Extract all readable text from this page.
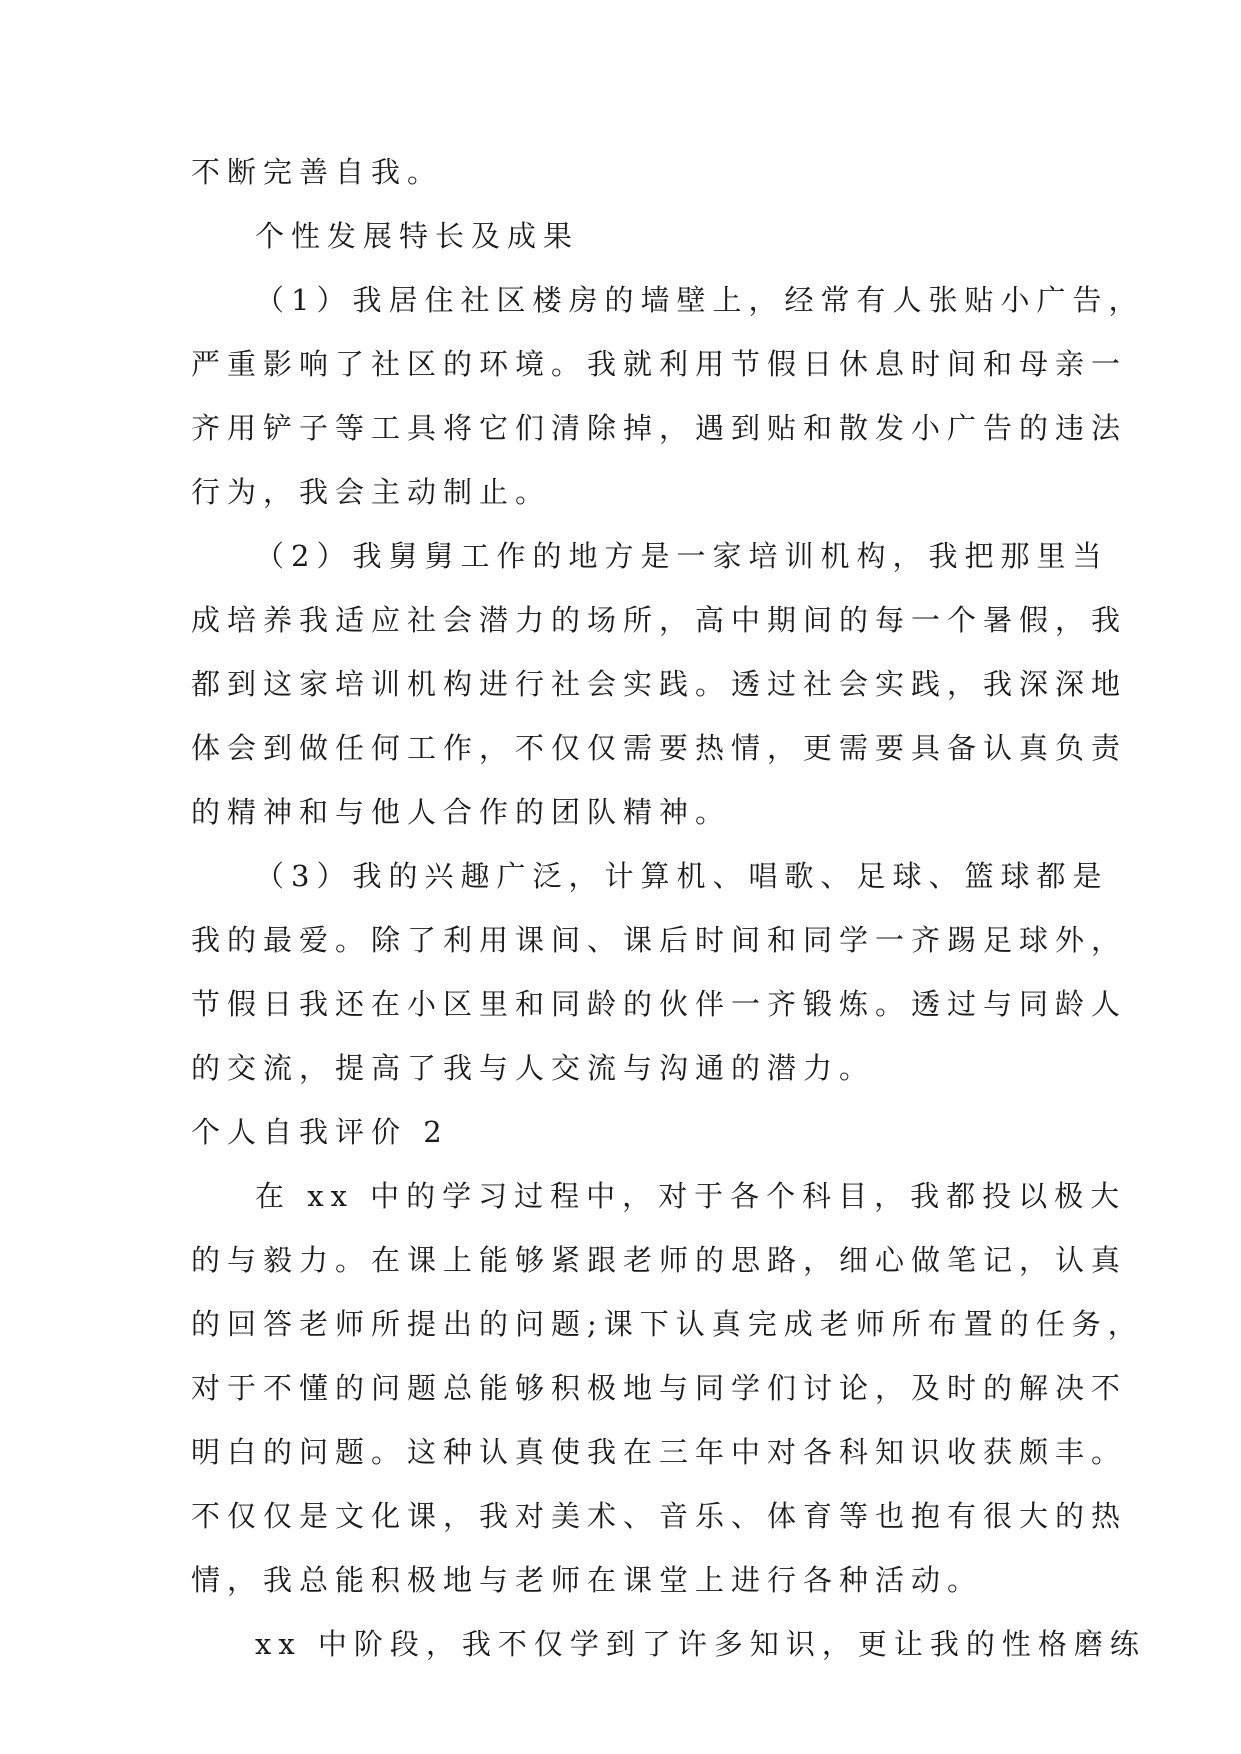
不断完善自我。
个性发展特长及成果
（1）我居住社区楼房的墙壁上，经常有人张贴小广告，
严重影响了社区的环境。我就利用节假日休息时间和母亲一
齐用铲子等工具将它们清除掉，遇到贴和散发小广告的违法
行为，我会主动制止。
（2）我舅舅工作的地方是一家培训机构，我把那里当
成培养我适应社会潜力的场所，高中期间的每一个暑假，我
都到这家培训机构进行社会实践。透过社会实践，我深深地
体会到做任何工作，不仅仅需要热情，更需要具备认真负责
的精神和与他人合作的团队精神。
（3）我的兴趣广泛，计算机、唱歌、足球、篮球都是
我的最爱。除了利用课间、课后时间和同学一齐踢足球外，
节假日我还在小区里和同龄的伙伴一齐锻炼。透过与同龄人
的交流，提高了我与人交流与沟通的潜力。
个人自我评价 2
在 xx 中的学习过程中，对于各个科目，我都投以极大
的与毅力。在课上能够紧跟老师的思路，细心做笔记，认真
的回答老师所提出的问题;课下认真完成老师所布置的任务，
对于不懂的问题总能够积极地与同学们讨论，及时的解决不
明白的问题。这种认真使我在三年中对各科知识收获颇丰。
不仅仅是文化课，我对美术、音乐、体育等也抱有很大的热
情，我总能积极地与老师在课堂上进行各种活动。
xx 中阶段，我不仅学到了许多知识，更让我的性格磨练
